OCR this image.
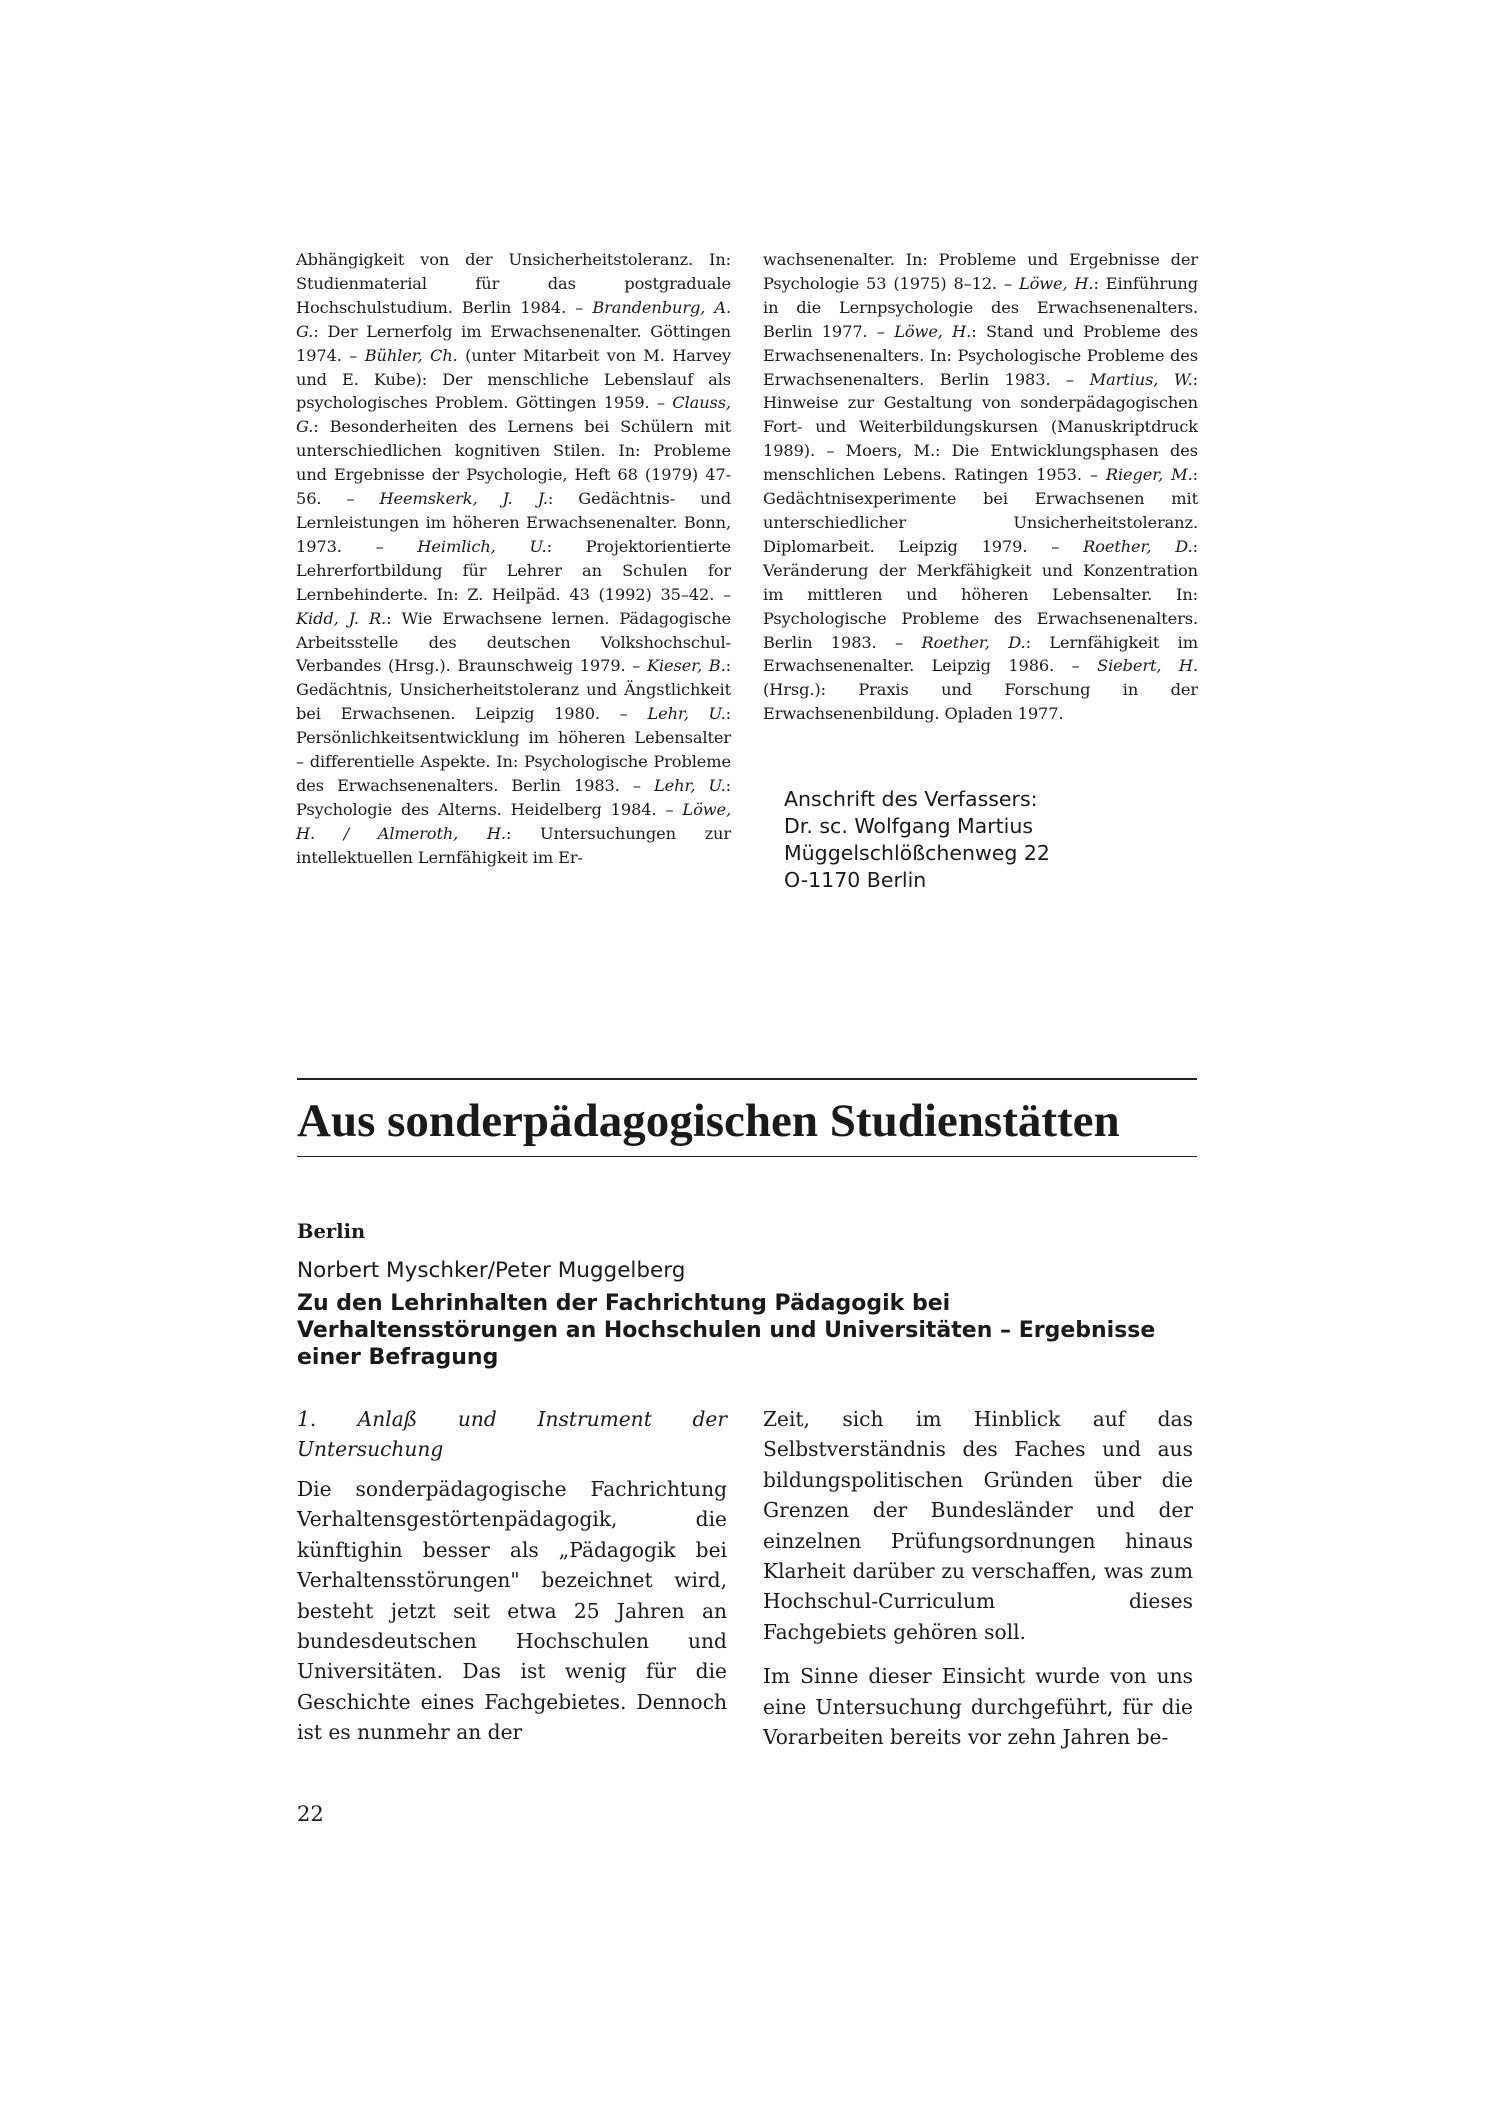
Abhängigkeit von der Unsicherheitstoleranz. In: Studienmaterial für das postgraduale Hochschulstudium. Berlin 1984. – Brandenburg, A. G.: Der Lernerfolg im Erwachsenenalter. Göttingen 1974. – Bühler, Ch. (unter Mitarbeit von M. Harvey und E. Kube): Der menschliche Lebenslauf als psychologisches Problem. Göttingen 1959. – Clauss, G.: Besonderheiten des Lernens bei Schülern mit unterschiedlichen kognitiven Stilen. In: Probleme und Ergebnisse der Psychologie, Heft 68 (1979) 47-56. – Heemskerk, J. J.: Gedächtnis- und Lernleistungen im höheren Erwachsenenalter. Bonn, 1973. – Heimlich, U.: Projektorientierte Lehrerfortbildung für Lehrer an Schulen for Lernbehinderte. In: Z. Heilpäd. 43 (1992) 35–42. – Kidd, J. R.: Wie Erwachsene lernen. Pädagogische Arbeitsstelle des deutschen Volkshochschul-Verbandes (Hrsg.). Braunschweig 1979. – Kieser, B.: Gedächtnis, Unsicherheitstoleranz und Ängstlichkeit bei Erwachsenen. Leipzig 1980. – Lehr, U.: Persönlichkeitsentwicklung im höheren Lebensalter – differentielle Aspekte. In: Psychologische Probleme des Erwachsenenalters. Berlin 1983. – Lehr, U.: Psychologie des Alterns. Heidelberg 1984. – Löwe, H. / Almeroth, H.: Untersuchungen zur intellektuellen Lernfähigkeit im Er-

wachsenenalter. In: Probleme und Ergebnisse der Psychologie 53 (1975) 8–12. – Löwe, H.: Einführung in die Lernpsychologie des Erwachsenenalters. Berlin 1977. – Löwe, H.: Stand und Probleme des Erwachsenenalters. In: Psychologische Probleme des Erwachsenenalters. Berlin 1983. – Martius, W.: Hinweise zur Gestaltung von sonderpädagogischen Fort- und Weiterbildungskursen (Manuskriptdruck 1989). – Moers, M.: Die Entwicklungsphasen des menschlichen Lebens. Ratingen 1953. – Rieger, M.: Gedächtnisexperimente bei Erwachsenen mit unterschiedlicher Unsicherheitstoleranz. Diplomarbeit. Leipzig 1979. – Roether, D.: Veränderung der Merkfähigkeit und Konzentration im mittleren und höheren Lebensalter. In: Psychologische Probleme des Erwachsenenalters. Berlin 1983. – Roether, D.: Lernfähigkeit im Erwachsenenalter. Leipzig 1986. – Siebert, H. (Hrsg.): Praxis und Forschung in der Erwachsenenbildung. Opladen 1977.

Anschrift des Verfassers:
Dr. sc. Wolfgang Martius
Müggelschlößchenweg 22
O-1170 Berlin
Aus sonderpädagogischen Studienstätten
Berlin
Norbert Myschker/Peter Muggelberg
Zu den Lehrinhalten der Fachrichtung Pädagogik bei Verhaltensstörungen an Hochschulen und Universitäten – Ergebnisse einer Befragung
1. Anlaß und Instrument der Untersuchung

Die sonderpädagogische Fachrichtung Verhaltensgestörtenpädagogik, die künftighin besser als „Pädagogik bei Verhaltensstörungen" bezeichnet wird, besteht jetzt seit etwa 25 Jahren an bundesdeutschen Hochschulen und Universitäten. Das ist wenig für die Geschichte eines Fachgebietes. Dennoch ist es nunmehr an der

Zeit, sich im Hinblick auf das Selbstverständnis des Faches und aus bildungspolitischen Gründen über die Grenzen der Bundesländer und der einzelnen Prüfungsordnungen hinaus Klarheit darüber zu verschaffen, was zum Hochschul-Curriculum dieses Fachgebiets gehören soll.

Im Sinne dieser Einsicht wurde von uns eine Untersuchung durchgeführt, für die Vorarbeiten bereits vor zehn Jahren be-

22
